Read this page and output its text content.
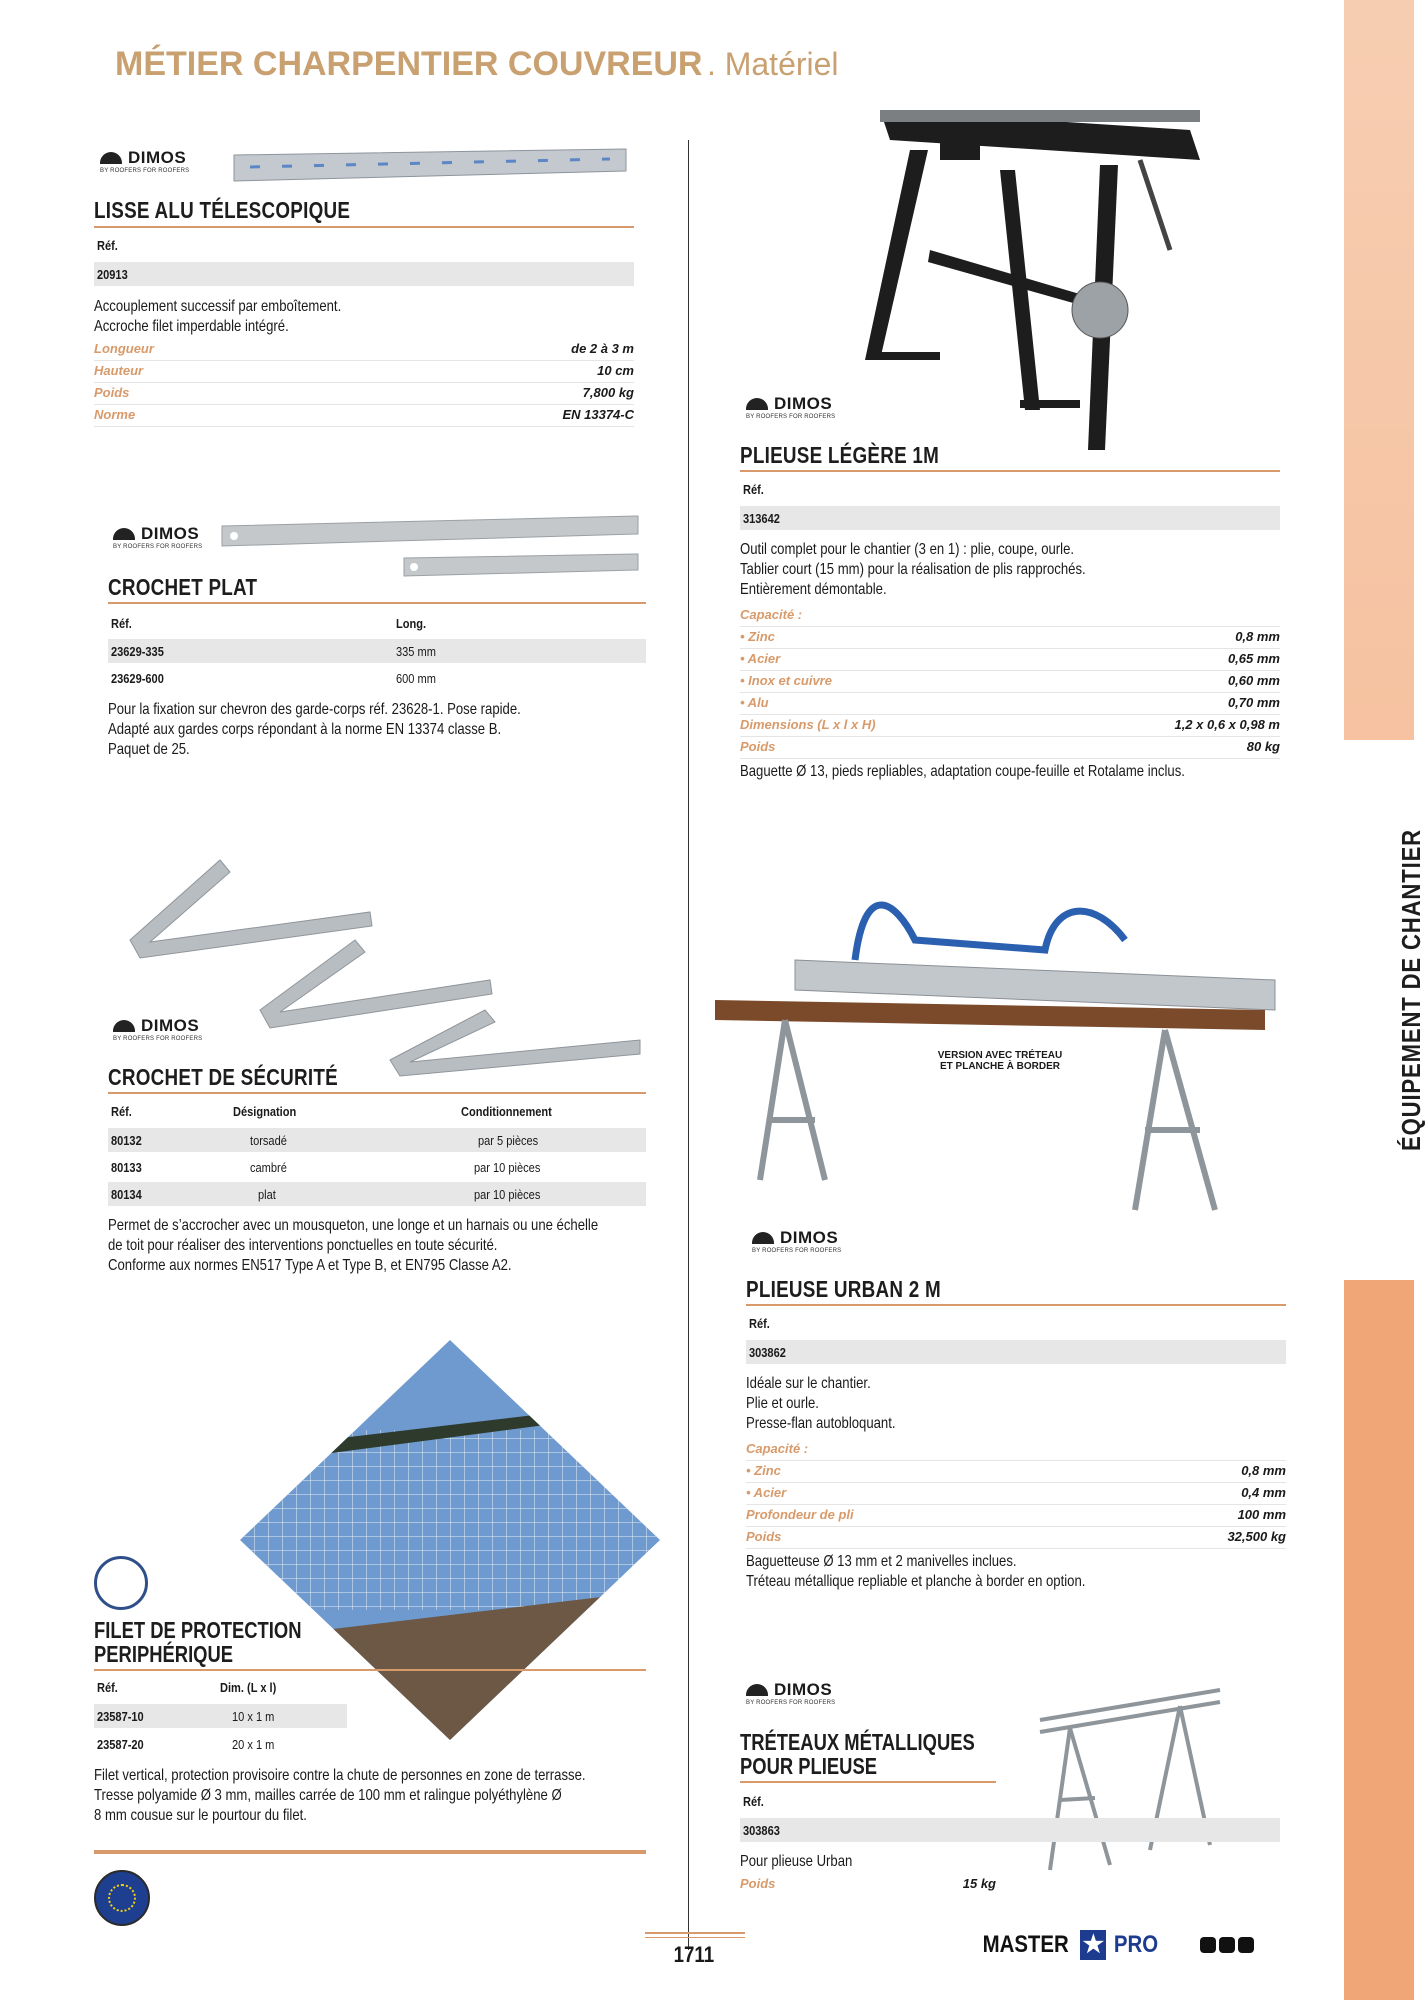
ÉQUIPEMENT DE CHANTIER
MÉTIER CHARPENTIER COUVREUR . Matériel
DIMOS
BY ROOFERS FOR ROOFERS
LISSE ALU TÉLESCOPIQUE
Réf.
20913
Accouplement successif par emboîtement.
Accroche filet imperdable intégré.
Longueur	de 2 à 3 m
Hauteur	10 cm
Poids	7,800 kg
Norme	EN 13374-C
DIMOS
BY ROOFERS FOR ROOFERS
CROCHET PLAT
Réf.	Long.
23629-335	335 mm
23629-600	600 mm
Pour la fixation sur chevron des garde-corps réf. 23628-1. Pose rapide.
Adapté aux gardes corps répondant à la norme EN 13374 classe B.
Paquet de 25.
DIMOS
BY ROOFERS FOR ROOFERS
CROCHET DE SÉCURITÉ
Réf.	Désignation	Conditionnement
80132	torsadé	par 5 pièces
80133	cambré	par 10 pièces
80134	plat	par 10 pièces
Permet de s’accrocher avec un mousqueton, une longe et un harnais ou une échelle
de toit pour réaliser des interventions ponctuelles en toute sécurité.
Conforme aux normes EN517 Type A et Type B, et EN795 Classe A2.
FILET DE PROTECTION
PERIPHÉRIQUE
Réf.	Dim. (L x l)
23587-10	10 x 1 m
23587-20	20 x 1 m
Filet vertical, protection provisoire contre la chute de personnes en zone de terrasse.
Tresse polyamide Ø 3 mm, mailles carrée de 100 mm et ralingue polyéthylène Ø
8 mm cousue sur le pourtour du filet.
DIMOS
BY ROOFERS FOR ROOFERS
PLIEUSE LÉGÈRE 1M
Réf.
313642
Outil complet pour le chantier (3 en 1) : plie, coupe, ourle.
Tablier court (15 mm) pour la réalisation de plis rapprochés.
Entièrement démontable.
Capacité :
• Zinc	0,8 mm
• Acier	0,65 mm
• Inox et cuivre	0,60 mm
• Alu	0,70 mm
Dimensions (L x l x H)	1,2 x 0,6 x 0,98 m
Poids	80 kg
Baguette Ø 13, pieds repliables, adaptation coupe-feuille et Rotalame inclus.
VERSION AVEC TRÉTEAU
ET PLANCHE À BORDER
DIMOS
BY ROOFERS FOR ROOFERS
PLIEUSE URBAN 2 M
Réf.
303862
Idéale sur le chantier.
Plie et ourle.
Presse-flan autobloquant.
Capacité :
• Zinc	0,8 mm
• Acier	0,4 mm
Profondeur de pli	100 mm
Poids	32,500 kg
Baguetteuse Ø 13 mm et 2 manivelles inclues.
Tréteau métallique repliable et planche à border en option.
DIMOS
BY ROOFERS FOR ROOFERS
TRÉTEAUX MÉTALLIQUES
POUR PLIEUSE
Réf.
303863
Pour plieuse Urban
Poids	15 kg
1711	MASTER ★ PRO
